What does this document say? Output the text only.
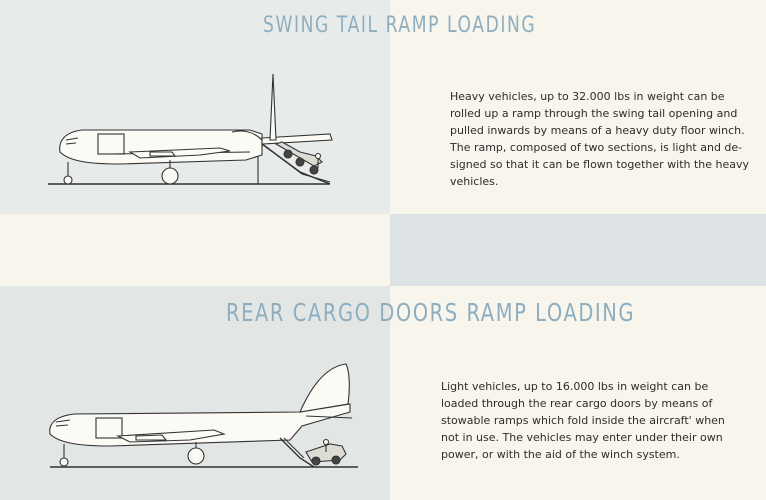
SWING TAIL RAMP LOADING
Heavy vehicles, up to 32.000 lbs in weight can be
rolled up a ramp through the swing tail opening and
pulled inwards by means of a heavy duty floor winch.
The ramp, composed of two sections, is light and de-
signed so that it can be flown together with the heavy
vehicles.
REAR CARGO DOORS RAMP LOADING
Light vehicles, up to 16.000 lbs in weight can be
loaded through the rear cargo doors by means of
stowable ramps which fold inside the aircraft' when
not in use. The vehicles may enter under their own
power, or with the aid of the winch system.
